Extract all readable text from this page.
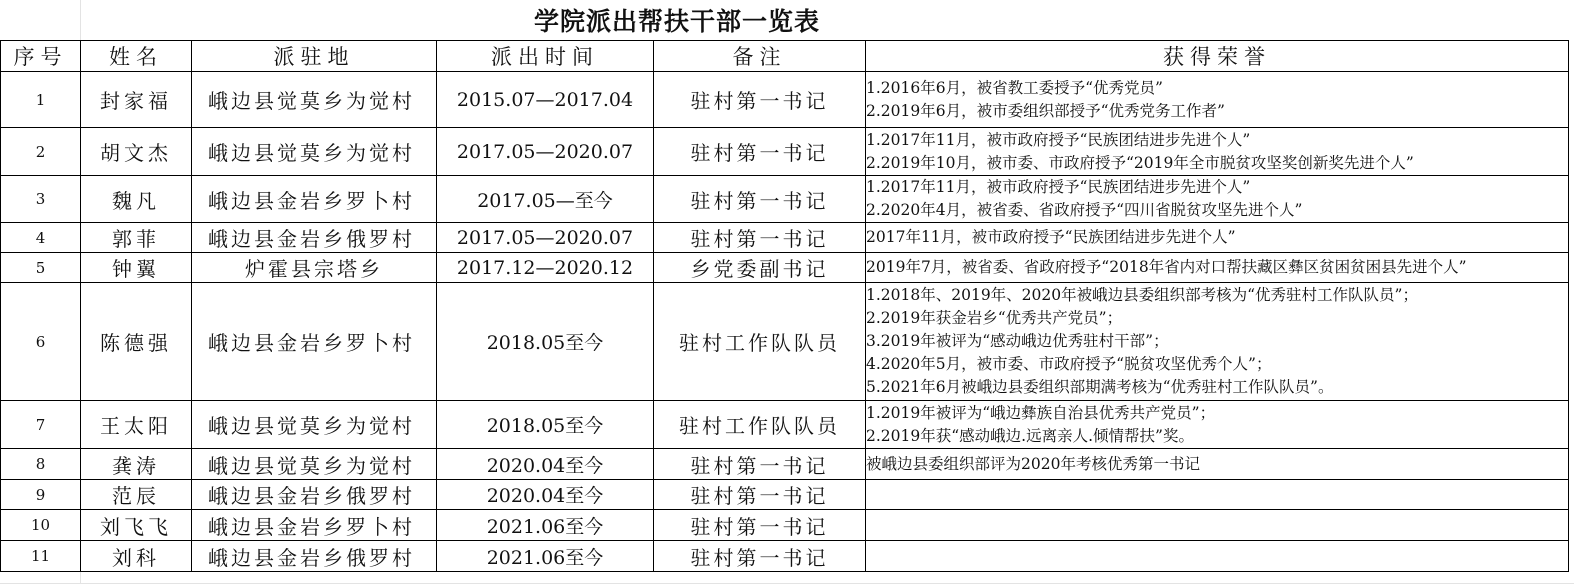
学院派出帮扶干部一览表
序号	姓名	派驻地	派出时间	备注	获得荣誉
1	封家福	峨边县觉莫乡为觉村	2015.07—2017.04	驻村第一书记	1.2016年6月，被省教工委授予“优秀党员”
2.2019年6月，被市委组织部授予“优秀党务工作者”

2	胡文杰	峨边县觉莫乡为觉村	2017.05—2020.07	驻村第一书记	1.2017年11月，被市政府授予“民族团结进步先进个人”
2.2019年10月，被市委、市政府授予“2019年全市脱贫攻坚奖创新奖先进个人”

3	魏凡	峨边县金岩乡罗卜村	2017.05—至今	驻村第一书记	1.2017年11月，被市政府授予“民族团结进步先进个人”
2.2020年4月，被省委、省政府授予“四川省脱贫攻坚先进个人”

4	郭菲	峨边县金岩乡俄罗村	2017.05—2020.07	驻村第一书记	2017年11月，被市政府授予“民族团结进步先进个人”

5	钟翼	炉霍县宗塔乡	2017.12—2020.12	乡党委副书记	2019年7月，被省委、省政府授予“2018年省内对口帮扶藏区彝区贫困贫困县先进个人”

6	陈德强	峨边县金岩乡罗卜村	2018.05至今	驻村工作队队员	1.2018年、2019年、2020年被峨边县委组织部考核为“优秀驻村工作队队员”；
2.2019年获金岩乡“优秀共产党员”；
3.2019年被评为“感动峨边优秀驻村干部”；
4.2020年5月，被市委、市政府授予“脱贫攻坚优秀个人”；
5.2021年6月被峨边县委组织部期满考核为“优秀驻村工作队队员”。

7	王太阳	峨边县觉莫乡为觉村	2018.05至今	驻村工作队队员	1.2019年被评为“峨边彝族自治县优秀共产党员”；
2.2019年获“感动峨边.远离亲人.倾情帮扶”奖。

8	龚涛	峨边县觉莫乡为觉村	2020.04至今	驻村第一书记	被峨边县委组织部评为2020年考核优秀第一书记

9	范辰	峨边县金岩乡俄罗村	2020.04至今	驻村第一书记	
10	刘飞飞	峨边县金岩乡罗卜村	2021.06至今	驻村第一书记	
11	刘科	峨边县金岩乡俄罗村	2021.06至今	驻村第一书记	
